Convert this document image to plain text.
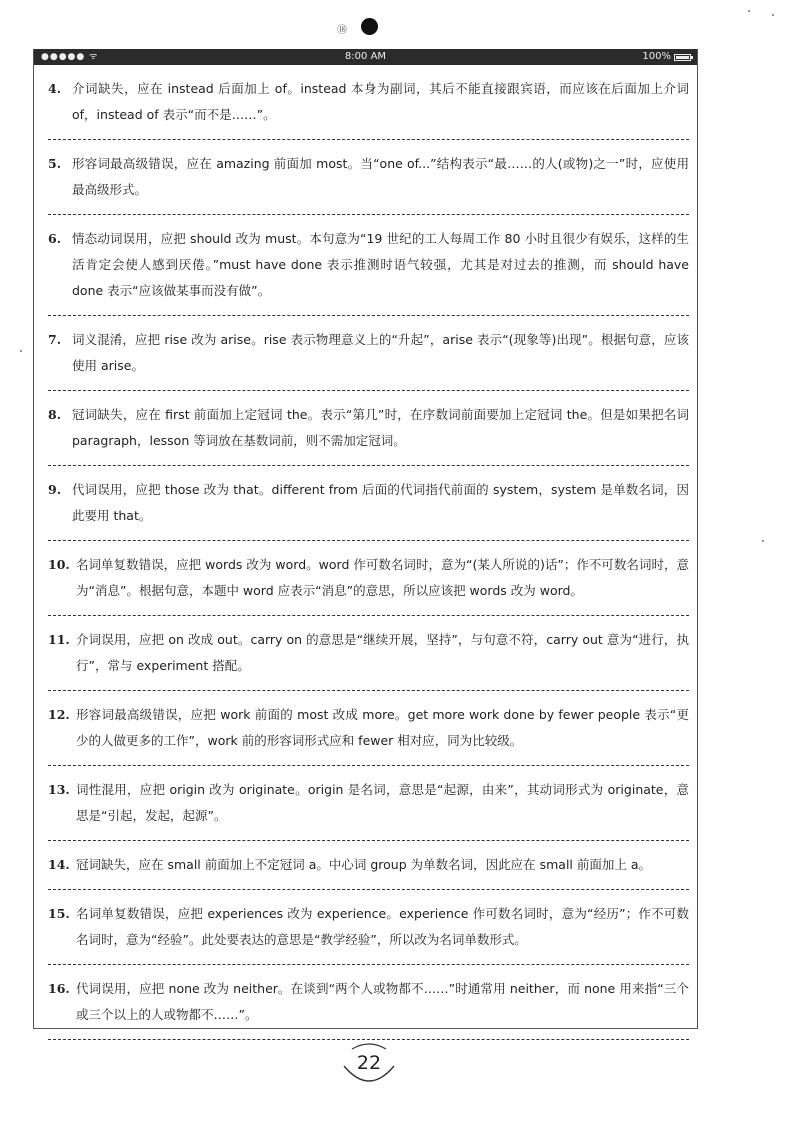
⑱
●●●●● ᯤ	8:00 AM	100%
4. 介词缺失，应在 instead 后面加上 of。instead 本身为副词，其后不能直接跟宾语，而应该在后面加上介词 of，instead of 表示“而不是……”。
5. 形容词最高级错误，应在 amazing 前面加 most。当“one of...”结构表示“最……的人(或物)之一”时，应使用最高级形式。
6. 情态动词误用，应把 should 改为 must。本句意为“19 世纪的工人每周工作 80 小时且很少有娱乐，这样的生活肯定会使人感到厌倦。”must have done 表示推测时语气较强，尤其是对过去的推测，而 should have done 表示“应该做某事而没有做”。
7. 词义混淆，应把 rise 改为 arise。rise 表示物理意义上的“升起”，arise 表示“(现象等)出现”。根据句意，应该使用 arise。
8. 冠词缺失，应在 first 前面加上定冠词 the。表示“第几”时，在序数词前面要加上定冠词 the。但是如果把名词 paragraph，lesson 等词放在基数词前，则不需加定冠词。
9. 代词误用，应把 those 改为 that。different from 后面的代词指代前面的 system，system 是单数名词，因此要用 that。
10. 名词单复数错误，应把 words 改为 word。word 作可数名词时，意为“(某人所说的)话”；作不可数名词时，意为“消息”。根据句意，本题中 word 应表示“消息”的意思，所以应该把 words 改为 word。
11. 介词误用，应把 on 改成 out。carry on 的意思是“继续开展，坚持”，与句意不符，carry out 意为“进行，执行”，常与 experiment 搭配。
12. 形容词最高级错误，应把 work 前面的 most 改成 more。get more work done by fewer people 表示“更少的人做更多的工作”，work 前的形容词形式应和 fewer 相对应，同为比较级。
13. 词性混用，应把 origin 改为 originate。origin 是名词，意思是“起源，由来”，其动词形式为 originate，意思是“引起，发起，起源”。
14. 冠词缺失，应在 small 前面加上不定冠词 a。中心词 group 为单数名词，因此应在 small 前面加上 a。
15. 名词单复数错误，应把 experiences 改为 experience。experience 作可数名词时，意为“经历”；作不可数名词时，意为“经验”。此处要表达的意思是“教学经验”，所以改为名词单数形式。
16. 代词误用，应把 none 改为 neither。在谈到“两个人或物都不……”时通常用 neither，而 none 用来指“三个或三个以上的人或物都不……”。
22
